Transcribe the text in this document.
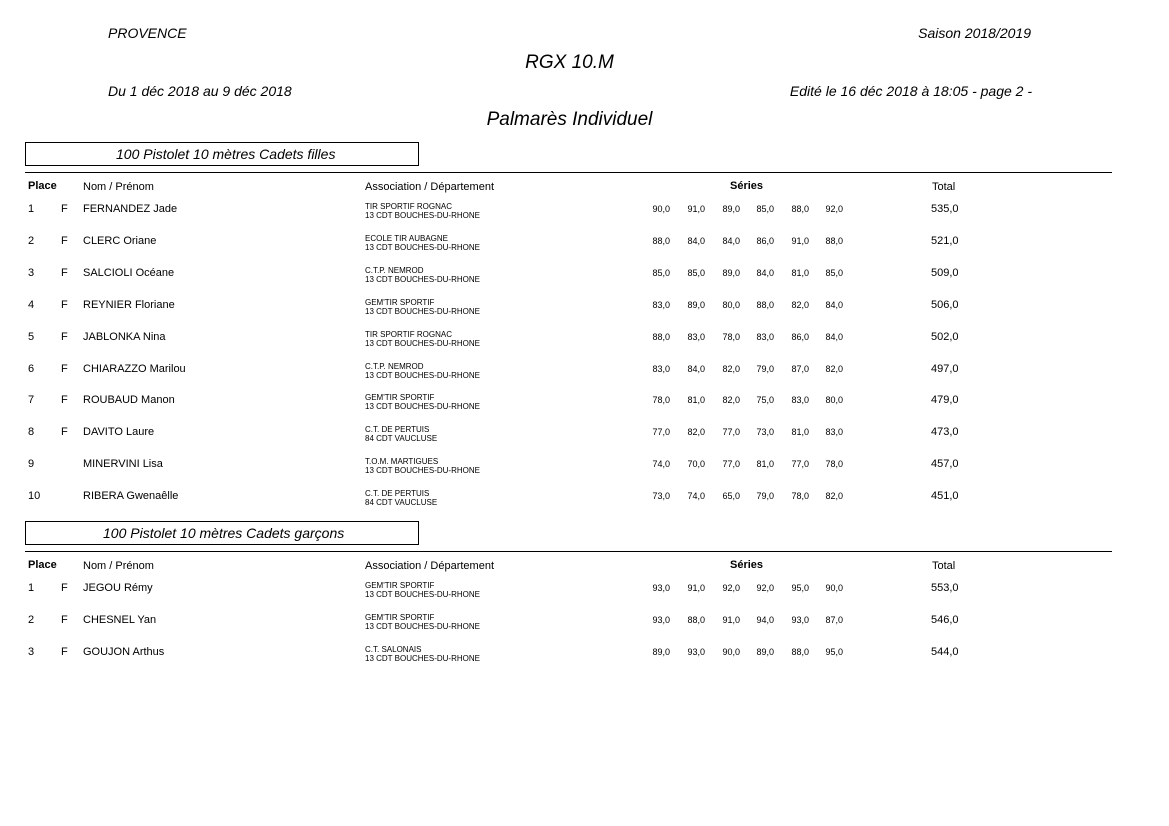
PROVENCE	Saison 2018/2019
RGX 10.M
Du 1 déc 2018 au 9 déc 2018	Edité le 16 déc 2018 à 18:05 - page 2 -
Palmarès Individuel
100 Pistolet 10 mètres Cadets filles
Place Nom / Prénom	Association / Département	Séries	Total
1 F FERNANDEZ Jade	TIR SPORTIF ROGNAC
13 CDT BOUCHES-DU-RHONE
90,0	91,0	89,0	85,0	88,0	92,0	535,0
2 F CLERC Oriane	ECOLE TIR AUBAGNE
13 CDT BOUCHES-DU-RHONE
88,0	84,0	84,0	86,0	91,0	88,0	521,0
3 F SALCIOLI Océane	C.T.P. NEMROD
13 CDT BOUCHES-DU-RHONE
85,0	85,0	89,0	84,0	81,0	85,0	509,0
4 F REYNIER Floriane	GEM'TIR SPORTIF
13 CDT BOUCHES-DU-RHONE
83,0	89,0	80,0	88,0	82,0	84,0	506,0
5 F JABLONKA Nina	TIR SPORTIF ROGNAC
13 CDT BOUCHES-DU-RHONE
88,0	83,0	78,0	83,0	86,0	84,0	502,0
6 F CHIARAZZO Marilou	C.T.P. NEMROD
13 CDT BOUCHES-DU-RHONE
83,0	84,0	82,0	79,0	87,0	82,0	497,0
7 F ROUBAUD Manon	GEM'TIR SPORTIF
13 CDT BOUCHES-DU-RHONE
78,0	81,0	82,0	75,0	83,0	80,0	479,0
8 F DAVITO Laure	C.T. DE PERTUIS
84 CDT VAUCLUSE
77,0	82,0	77,0	73,0	81,0	83,0	473,0
9	MINERVINI Lisa	T.O.M. MARTIGUES
13 CDT BOUCHES-DU-RHONE
74,0	70,0	77,0	81,0	77,0	78,0	457,0
10	RIBERA Gwenaêlle	C.T. DE PERTUIS
84 CDT VAUCLUSE
73,0	74,0	65,0	79,0	78,0	82,0	451,0
100 Pistolet 10 mètres Cadets garçons
Place Nom / Prénom	Association / Département	Séries	Total
1 F JEGOU Rémy	GEM'TIR SPORTIF
13 CDT BOUCHES-DU-RHONE
93,0	91,0	92,0	92,0	95,0	90,0	553,0
2 F CHESNEL Yan	GEM'TIR SPORTIF
13 CDT BOUCHES-DU-RHONE
93,0	88,0	91,0	94,0	93,0	87,0	546,0
3 F GOUJON Arthus	C.T. SALONAIS
13 CDT BOUCHES-DU-RHONE
89,0	93,0	90,0	89,0	88,0	95,0	544,0
